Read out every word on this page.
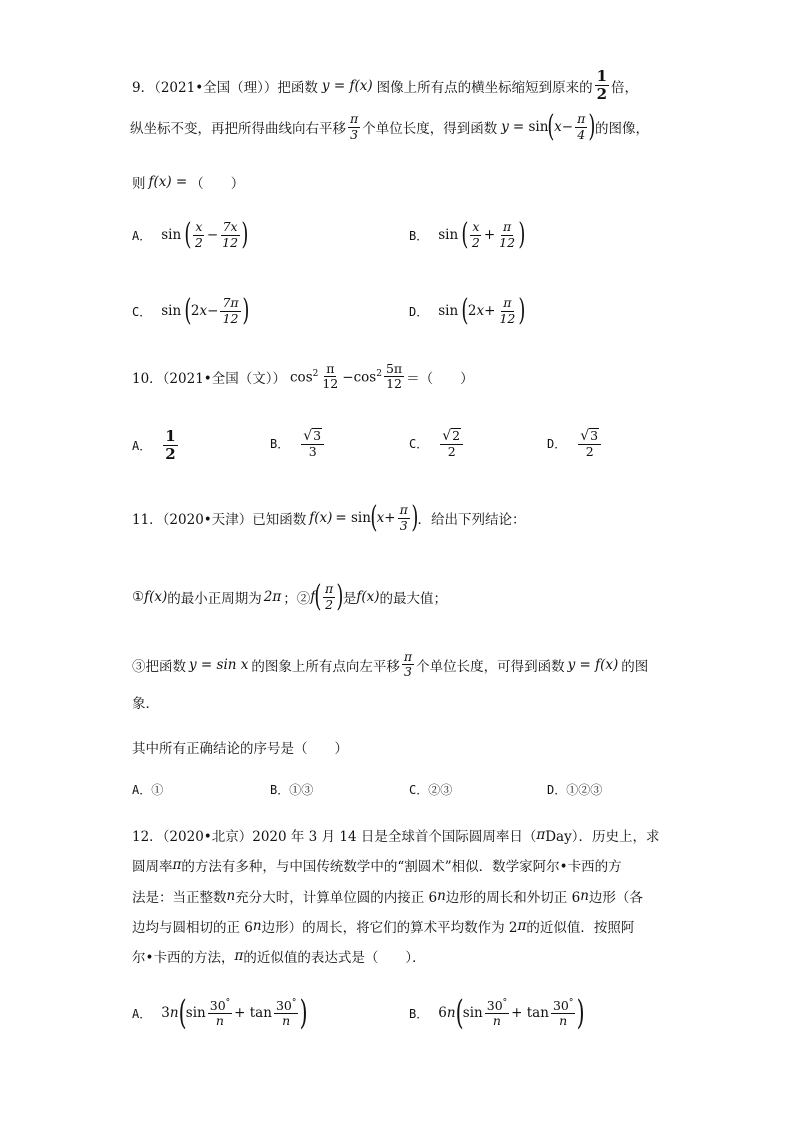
9．（2021•全国（理））把函数 y = f(x) 图像上所有点的横坐标缩短到原来的 $\frac{1}{2}$ 倍，
纵坐标不变，再把所得曲线向右平移 $\frac{\pi}{3}$ 个单位长度，得到函数 y = sin ( $x - \frac{\pi}{4}$ ) 的图像，
则 f(x) = （　　）
A． sin ( $\frac{x}{2} - \frac{7x}{12}$ )	B． sin ( $\frac{x}{2} + \frac{\pi}{12}$ )
C． sin ( 2 $x - \frac{7\pi}{12}$ )	D． sin ( 2 $x + \frac{\pi}{12}$ )
10．（2021•全国（文）） $\cos^2 \frac{\pi}{12} -\cos^2 \frac{5\pi}{12}$ ＝（　　）
A． $\frac{1}{2}$	B． $\frac{√ 3}{3}$	C． $\frac{√ 2}{2}$	D． $\frac{√ 3}{2}$
11．（2020•天津）已知函数 f(x) = sin ( $x + \frac{\pi}{3}$ ) ．给出下列结论：
① f(x) 的最小正周期为 2π ；② f ( $\frac{\pi}{2}$ ) 是 f(x) 的最大值；
③把函数 y = sin x 的图象上所有点向左平移 $\frac{\pi}{3}$ 个单位长度，可得到函数 y = f(x) 的图
象．
其中所有正确结论的序号是（　　）
A．①	B．①③	C．②③	D．①②③
12．（2020•北京）2020 年 3 月 14 日是全球首个国际圆周率日（ π Day）．历史上，求
圆周率 π 的方法有多种，与中国传统数学中的“割圆术”相似．数学家阿尔•卡西的方
法是：当正整数 n 充分大时，计算单位圆的内接正 6 n 边形的周长和外切正 6 n 边形（各
边均与圆相切的正 6 n 边形）的周长，将它们的算术平均数作为 2 π 的近似值．按照阿
尔•卡西的方法， π 的近似值的表达式是（　　）．
A． 3 n ( $\sin \frac{30^\circ}{n} + \tan \frac{30^\circ}{n}$ )	B． 6 n ( $\sin \frac{30^\circ}{n} + \tan \frac{30^\circ}{n}$ )
